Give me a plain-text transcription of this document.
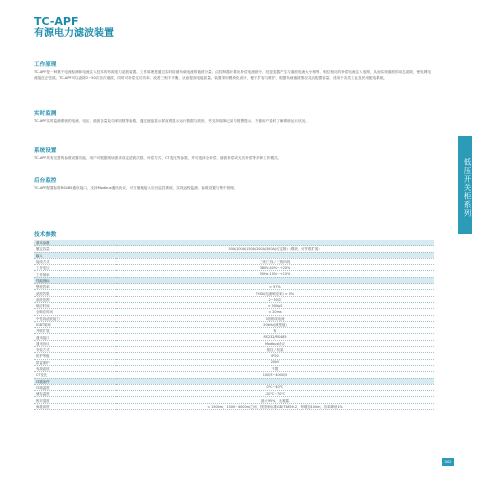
TC-APF
有源电力滤波装置

工作原理

TC-APF是一种基于电流检测和电流注入技术的有源电力滤波装置。工作原理是通过实时检测负载电流的谐波分量，由控制器计算出补偿电流指令，经逆变器产生与谐波电流大小相等、相位相反的补偿电流注入电网，从而实现谐波的动态滤除，使电网电流接近正弦波。TC-APF可以滤除2~50次各次谐波，同时可补偿无功功率，改善三相不平衡，从而提高电能质量。装置采用模块化设计，便于扩容与维护，根据负载谐波情况灵活配置容量，适用于各类工业及民用配电系统。

实时监测

TC-APF实时监测系统的电流、电压、谐波含量及功率因数等参数，通过液晶显示屏直观显示运行数据与波形，并支持故障记录与报警提示，方便用户及时了解系统运行状况。

系统设置

TC-APF具有完善的参数设置功能，用户可根据现场需求设定滤波次数、补偿方式、CT变比等参数，并可选择全补偿、谐波补偿或无功补偿等多种工作模式。

后台监控

TC-APF配置标准RS485通讯接口，支持Modbus通讯协议，可方便地接入后台监控系统，实现远程监测、参数设置与集中管理。	低压开关柜系列
技术参数
基本参数	
额定容量	50A/100A/150A/200A/300A(可定制)（模块，可并联扩展）
输入	
接线方式	三相三线 / 三相四线
工作电压	380V-40%~+20%
工作频率	50Hz-10%~+10%
性能指标	
整机效率	> 97%
滤波效果	THDi(电流畸变率) < 5%
滤波范围	2~50次
响应时间	< 300μS
全响应时间	< 20ms
中性线滤波能力	3倍相线电流
IGBT频率	20kHz(典型值)
并联扩展	有
通讯接口	RS232/RS485
通讯协议	Modbus协议
安装方式	壁挂 / 机架
防护等级	IP20
防雷保护	20kV
有源滤波	不限
CT变比	100/5~4000/5
环境条件	
环境温度	0℃~40℃
储存温度	-20℃~70℃
相对湿度	最大95%，无凝露
海拔高度	< 1500m，1500~4000m之间，按国家标准GB/T3859.2，每增加100m，功率降低1%
002
